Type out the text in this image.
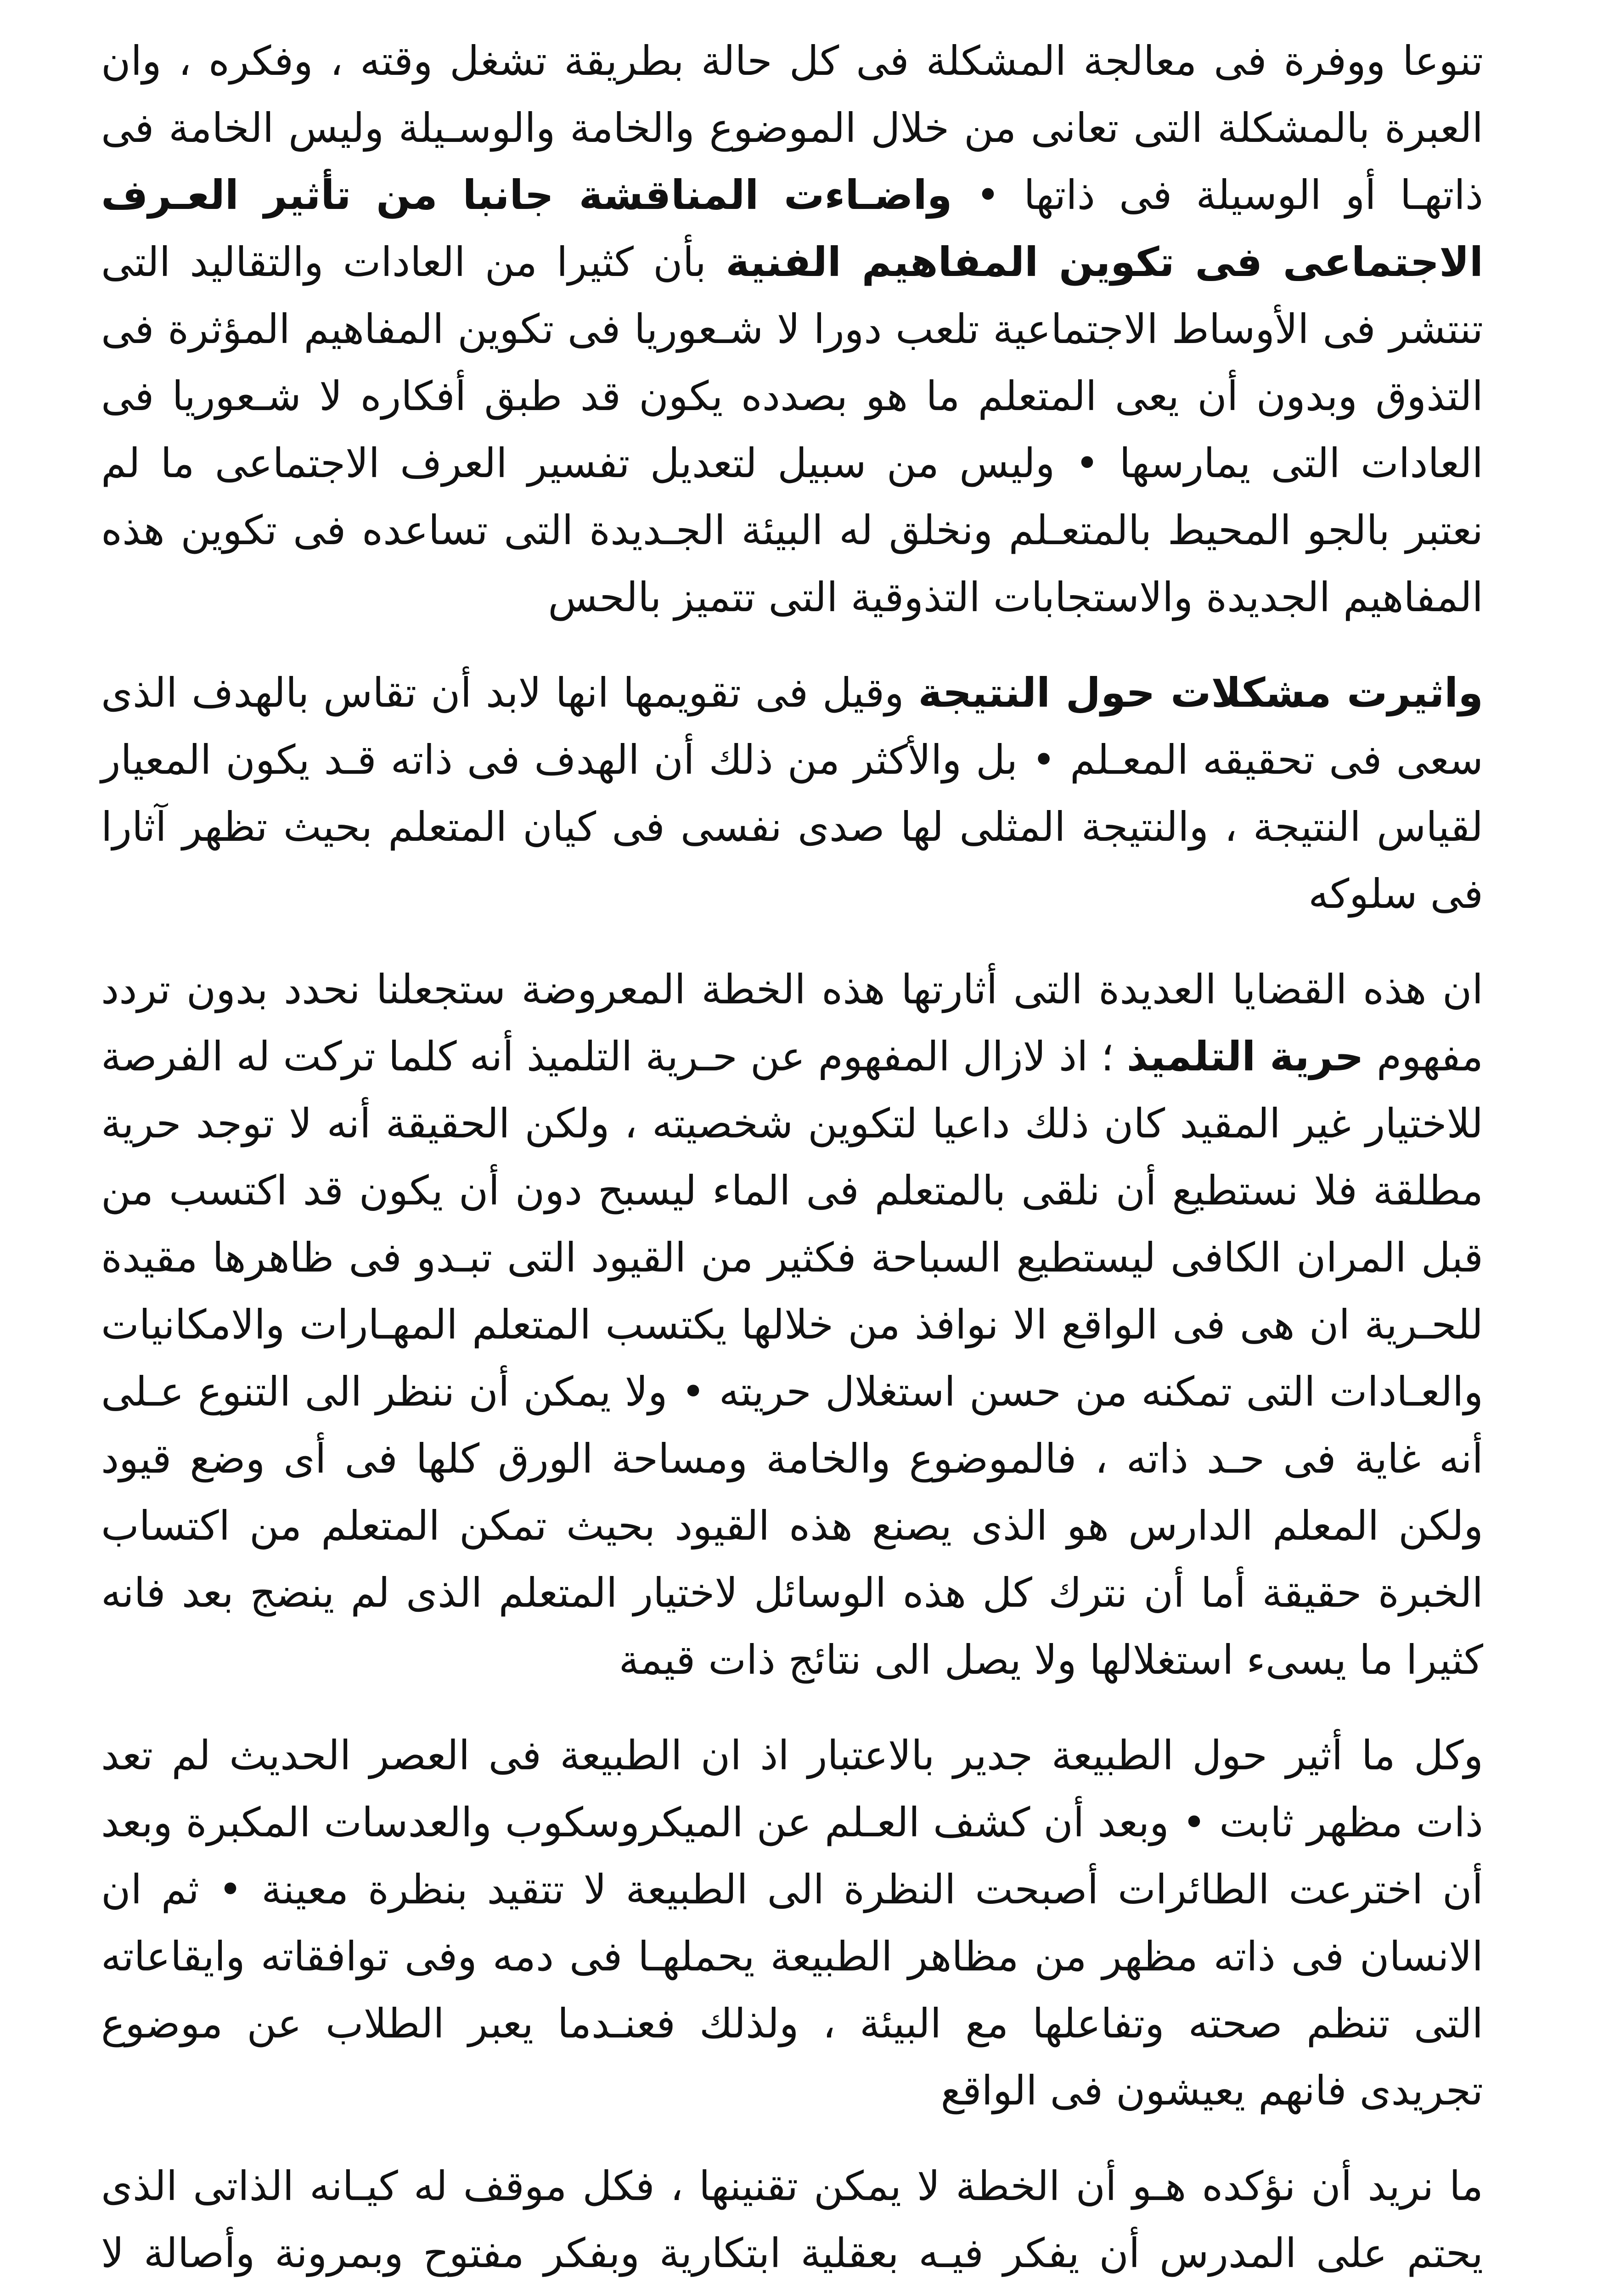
تنوعا ووفرة فى معالجة المشكلة فى كل حالة بطريقة تشغل وقته ، وفكره ، وان العبرة بالمشكلة التى تعانى من خلال الموضوع والخامة والوسـيلة وليس الخامة فى ذاتهـا أو الوسيلة فى ذاتها • واضـاءت المناقشة جانبا من تأثير العـرف الاجتماعى فى تكوين المفاهيم الفنية بأن كثيرا من العادات والتقاليد التى تنتشر فى الأوساط الاجتماعية تلعب دورا لا شـعوريا فى تكوين المفاهيم المؤثرة فى التذوق وبدون أن يعى المتعلم ما هو بصدده يكون قد طبق أفكاره لا شـعوريا فى العادات التى يمارسها • وليس من سبيل لتعديل تفسير العرف الاجتماعى ما لم نعتبر بالجو المحيط بالمتعـلم ونخلق له البيئة الجـديدة التى تساعده فى تكوين هذه المفاهيم الجديدة والاستجابات التذوقية التى تتميز بالحس

واثيرت مشكلات حول النتيجة وقيل فى تقويمها انها لابد أن تقاس بالهدف الذى سعى فى تحقيقه المعـلم • بل والأكثر من ذلك أن الهدف فى ذاته قـد يكون المعيار لقياس النتيجة ، والنتيجة المثلى لها صدى نفسى فى كيان المتعلم بحيث تظهر آثارا فى سلوكه

ان هذه القضايا العديدة التى أثارتها هذه الخطة المعروضة ستجعلنا نحدد بدون تردد مفهوم حرية التلميذ ؛ اذ لازال المفهوم عن حـرية التلميذ أنه كلما تركت له الفرصة للاختيار غير المقيد كان ذلك داعيا لتكوين شخصيته ، ولكن الحقيقة أنه لا توجد حرية مطلقة فلا نستطيع أن نلقى بالمتعلم فى الماء ليسبح دون أن يكون قد اكتسب من قبل المران الكافى ليستطيع السباحة فكثير من القيود التى تبـدو فى ظاهرها مقيدة للحـرية ان هى فى الواقع الا نوافذ من خلالها يكتسب المتعلم المهـارات والامكانيات والعـادات التى تمكنه من حسن استغلال حريته • ولا يمكن أن ننظر الى التنوع عـلى أنه غاية فى حـد ذاته ، فالموضوع والخامة ومساحة الورق كلها فى أى وضع قيود ولكن المعلم الدارس هو الذى يصنع هذه القيود بحيث تمكن المتعلم من اكتساب الخبرة حقيقة أما أن نترك كل هذه الوسائل لاختيار المتعلم الذى لم ينضج بعد فانه كثيرا ما يسىء استغلالها ولا يصل الى نتائج ذات قيمة

وكل ما أثير حول الطبيعة جدير بالاعتبار اذ ان الطبيعة فى العصر الحديث لم تعد ذات مظهر ثابت • وبعد أن كشف العـلم عن الميكروسكوب والعدسات المكبرة وبعد أن اخترعت الطائرات أصبحت النظرة الى الطبيعة لا تتقيد بنظرة معينة • ثم ان الانسان فى ذاته مظهر من مظاهر الطبيعة يحملهـا فى دمه وفى توافقاته وايقاعاته التى تنظم صحته وتفاعلها مع البيئة ، ولذلك فعنـدما يعبر الطلاب عن موضوع تجريدى فانهم يعيشون فى الواقع

ما نريد أن نؤكده هـو أن الخطة لا يمكن تقنينها ، فكل موقف له كيـانه الذاتى الذى يحتم على المدرس أن يفكر فيـه بعقلية ابتكارية وبفكر مفتوح وبمرونة وأصالة لا
